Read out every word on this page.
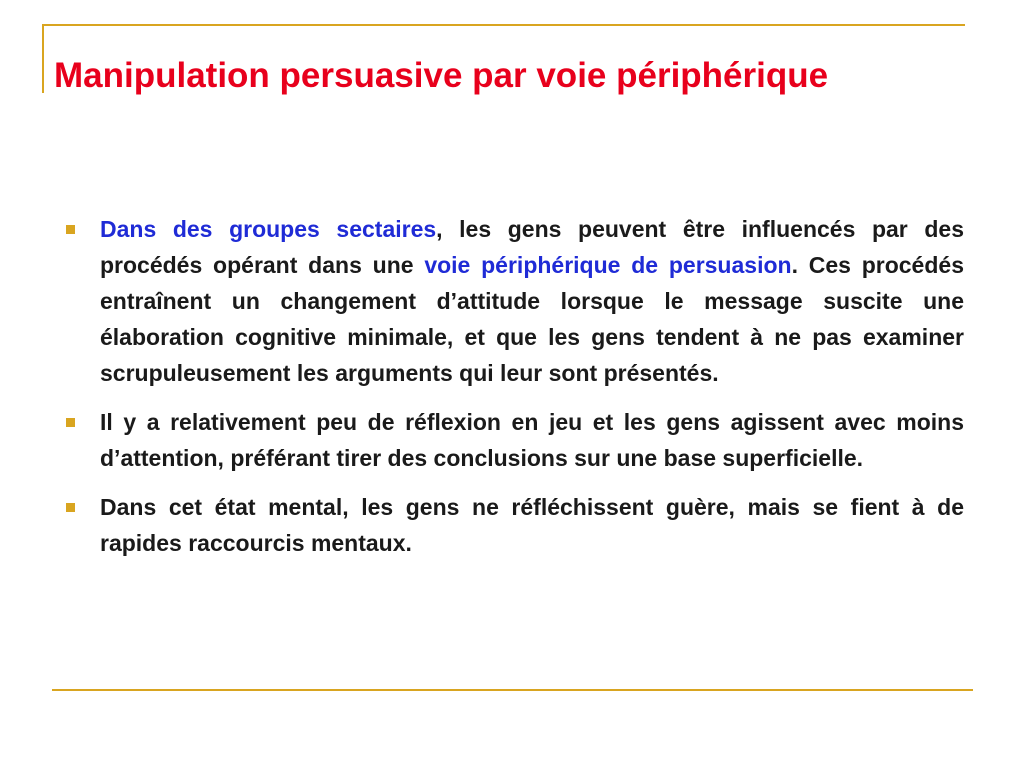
Manipulation persuasive par voie périphérique
Dans des groupes sectaires, les gens peuvent être influencés par des procédés opérant dans une voie périphérique de persuasion. Ces procédés entraînent un changement d’attitude lorsque le message suscite une élaboration cognitive minimale, et que les gens tendent à ne pas examiner scrupuleusement les arguments qui leur sont présentés.
Il y a relativement peu de réflexion en jeu et les gens agissent avec moins d’attention, préférant tirer des conclusions sur une base superficielle.
Dans cet état mental, les gens ne réfléchissent guère, mais se fient à de rapides raccourcis mentaux.
